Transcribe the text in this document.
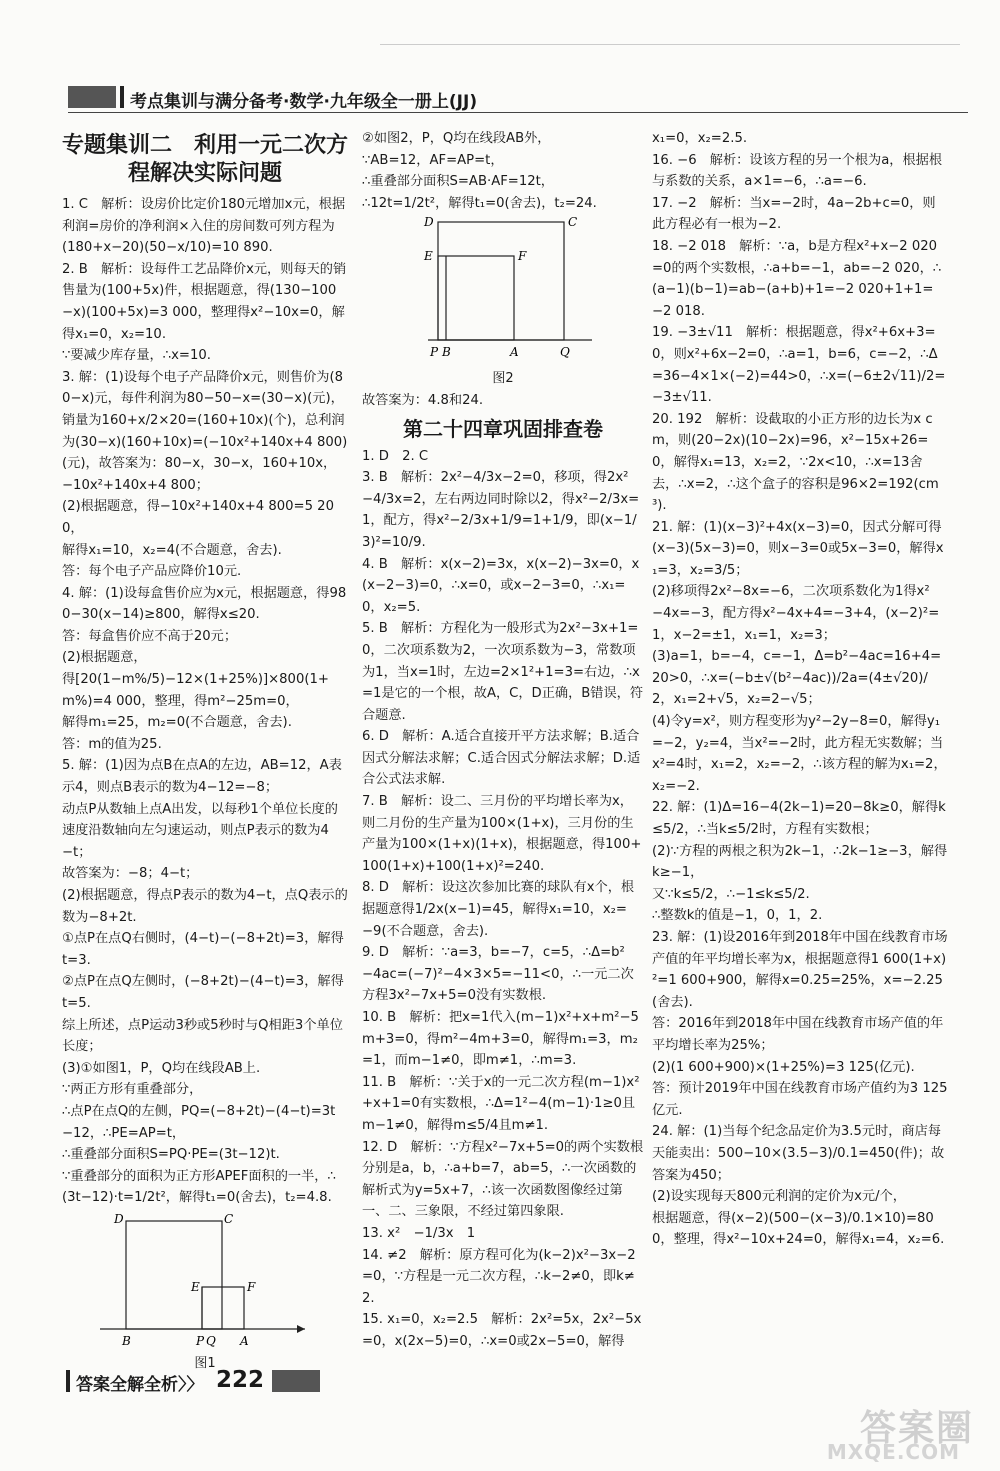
考点集训与满分备考·数学·九年级全一册上(JJ)

专题集训二　利用一元二次方程解决实际问题

1. C　解析：设房价比定价180元增加x元，根据利润=房价的净利润×入住的房间数可列方程为(180+x−20)(50−x/10)=10 890.

2. B　解析：设每件工艺品降价x元，则每天的销售量为(100+5x)件，根据题意，得(130−100−x)(100+5x)=3 000，整理得x²−10x=0，解得x₁=0，x₂=10.

∵要减少库存量，∴x=10.

3. 解：(1)设每个电子产品降价x元，则售价为(80−x)元，每件利润为80−50−x=(30−x)(元)，销量为160+x/2×20=(160+10x)(个)，总利润为(30−x)(160+10x)=(−10x²+140x+4 800)(元)，故答案为：80−x，30−x，160+10x，−10x²+140x+4 800；

(2)根据题意，得−10x²+140x+4 800=5 200，

解得x₁=10，x₂=4(不合题意，舍去).

答：每个电子产品应降价10元.

4. 解：(1)设每盒售价应为x元，根据题意，得980−30(x−14)≥800，解得x≤20.

答：每盒售价应不高于20元；

(2)根据题意，

得[20(1−m%/5)−12×(1+25%)]×800(1+m%)=4 000，整理，得m²−25m=0，

解得m₁=25，m₂=0(不合题意，舍去).

答：m的值为25.

5. 解：(1)因为点B在点A的左边，AB=12，A表示4，则点B表示的数为4−12=−8；

动点P从数轴上点A出发，以每秒1个单位长度的速度沿数轴向左匀速运动，则点P表示的数为4−t；

故答案为：−8；4−t；

(2)根据题意，得点P表示的数为4−t，点Q表示的数为−8+2t.

①点P在点Q右侧时，(4−t)−(−8+2t)=3，解得t=3.

②点P在点Q左侧时，(−8+2t)−(4−t)=3，解得t=5.

综上所述，点P运动3秒或5秒时与Q相距3个单位长度；

(3)①如图1，P，Q均在线段AB上.

∵两正方形有重叠部分，

∴点P在点Q的左侧，PQ=(−8+2t)−(4−t)=3t−12，∴PE=AP=t，

∴重叠部分面积S=PQ·PE=(3t−12)t.

∵重叠部分的面积为正方形APEF面积的一半，∴(3t−12)·t=1/2t²，解得t₁=0(舍去)，t₂=4.8.

D	C
E	F
B	P Q A

图1

②如图2，P，Q均在线段AB外，

∵AB=12，AF=AP=t，

∴重叠部分面积S=AB·AF=12t，

∴12t=1/2t²，解得t₁=0(舍去)，t₂=24.

D	C
E	F
P B	A	Q

图2

故答案为：4.8和24.

第二十四章巩固排查卷

1. D　2. C

3. B　解析：2x²−4/3x−2=0，移项，得2x²−4/3x=2，左右两边同时除以2，得x²−2/3x=1，配方，得x²−2/3x+1/9=1+1/9，即(x−1/3)²=10/9.

4. B　解析：x(x−2)=3x，x(x−2)−3x=0，x(x−2−3)=0，∴x=0，或x−2−3=0，∴x₁=0，x₂=5.

5. B　解析：方程化为一般形式为2x²−3x+1=0，二次项系数为2，一次项系数为−3，常数项为1，当x=1时，左边=2×1²+1=3=右边，∴x=1是它的一个根，故A，C，D正确，B错误，符合题意.

6. D　解析：A.适合直接开平方法求解；B.适合因式分解法求解；C.适合因式分解法求解；D.适合公式法求解.

7. B　解析：设二、三月份的平均增长率为x，则二月份的生产量为100×(1+x)，三月份的生产量为100×(1+x)(1+x)，根据题意，得100+100(1+x)+100(1+x)²=240.

8. D　解析：设这次参加比赛的球队有x个，根据题意得1/2x(x−1)=45，解得x₁=10，x₂=−9(不合题意，舍去).

9. D　解析：∵a=3，b=−7，c=5，∴Δ=b²−4ac=(−7)²−4×3×5=−11<0，∴一元二次方程3x²−7x+5=0没有实数根.

10. B　解析：把x=1代入(m−1)x²+x+m²−5m+3=0，得m²−4m+3=0，解得m₁=3，m₂=1，而m−1≠0，即m≠1，∴m=3.

11. B　解析：∵关于x的一元二次方程(m−1)x²+x+1=0有实数根，∴Δ=1²−4(m−1)·1≥0且m−1≠0，解得m≤5/4且m≠1.

12. D　解析：∵方程x²−7x+5=0的两个实数根分别是a，b，∴a+b=7，ab=5，∴一次函数的解析式为y=5x+7，∴该一次函数图像经过第一、二、三象限，不经过第四象限.

13. x²　−1/3x　1

14. ≠2　解析：原方程可化为(k−2)x²−3x−2=0，∵方程是一元二次方程，∴k−2≠0，即k≠2.

15. x₁=0，x₂=2.5　解析：2x²=5x，2x²−5x=0，x(2x−5)=0，∴x=0或2x−5=0，解得

x₁=0，x₂=2.5.

16. −6　解析：设该方程的另一个根为a，根据根与系数的关系，a×1=−6，∴a=−6.

17. −2　解析：当x=−2时，4a−2b+c=0，则此方程必有一根为−2.

18. −2 018　解析：∵a，b是方程x²+x−2 020=0的两个实数根，∴a+b=−1，ab=−2 020，∴(a−1)(b−1)=ab−(a+b)+1=−2 020+1+1=−2 018.

19. −3±√11　解析：根据题意，得x²+6x+3=0，则x²+6x−2=0，∴a=1，b=6，c=−2，∴Δ=36−4×1×(−2)=44>0，∴x=(−6±2√11)/2=−3±√11.

20. 192　解析：设截取的小正方形的边长为x cm，则(20−2x)(10−2x)=96，x²−15x+26=0，解得x₁=13，x₂=2，∵2x<10，∴x=13舍去，∴x=2，∴这个盒子的容积是96×2=192(cm³).

21. 解：(1)(x−3)²+4x(x−3)=0，因式分解可得(x−3)(5x−3)=0，则x−3=0或5x−3=0，解得x₁=3，x₂=3/5；

(2)移项得2x²−8x=−6，二次项系数化为1得x²−4x=−3，配方得x²−4x+4=−3+4，(x−2)²=1，x−2=±1，x₁=1，x₂=3；

(3)a=1，b=−4，c=−1，Δ=b²−4ac=16+4=20>0，∴x=(−b±√(b²−4ac))/2a=(4±√20)/2，x₁=2+√5，x₂=2−√5；

(4)令y=x²，则方程变形为y²−2y−8=0，解得y₁=−2，y₂=4，当x²=−2时，此方程无实数解；当x²=4时，x₁=2，x₂=−2，∴该方程的解为x₁=2，x₂=−2.

22. 解：(1)Δ=16−4(2k−1)=20−8k≥0，解得k≤5/2，∴当k≤5/2时，方程有实数根；

(2)∵方程的两根之积为2k−1，∴2k−1≥−3，解得k≥−1，

又∵k≤5/2，∴−1≤k≤5/2.

∴整数k的值是−1，0，1，2.

23. 解：(1)设2016年到2018年中国在线教育市场产值的年平均增长率为x，根据题意得1 600(1+x)²=1 600+900，解得x=0.25=25%，x=−2.25(舍去).

答：2016年到2018年中国在线教育市场产值的年平均增长率为25%；

(2)(1 600+900)×(1+25%)=3 125(亿元).

答：预计2019年中国在线教育市场产值约为3 125亿元.

24. 解：(1)当每个纪念品定价为3.5元时，商店每天能卖出：500−10×(3.5−3)/0.1=450(件)；故答案为450；

(2)设实现每天800元利润的定价为x元/个，

根据题意，得(x−2)(500−(x−3)/0.1×10)=800，整理，得x²−10x+24=0，解得x₁=4，x₂=6.

答案全解全析〉〉 222
答案圈
MXQE.COM
